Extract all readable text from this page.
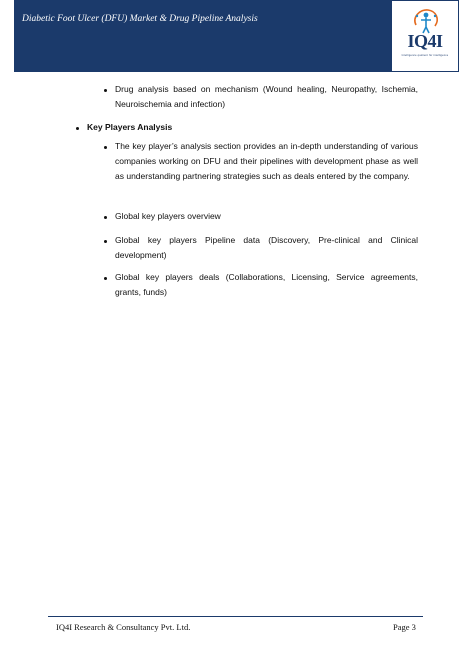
Diabetic Foot Ulcer (DFU) Market & Drug Pipeline Analysis
IQ4I
Intelligence quotient for intelligence
Drug analysis based on mechanism (Wound healing, Neuropathy, Ischemia, Neuroischemia and infection)
Key Players Analysis
The key player’s analysis section provides an in-depth understanding of various companies working on DFU and their pipelines with development phase as well as understanding partnering strategies such as deals entered by the company.
Global key players overview
Global key players Pipeline data (Discovery, Pre-clinical and Clinical development)
Global key players deals (Collaborations, Licensing, Service agreements, grants, funds)
IQ4I Research & Consultancy Pvt. Ltd.	Page 3
